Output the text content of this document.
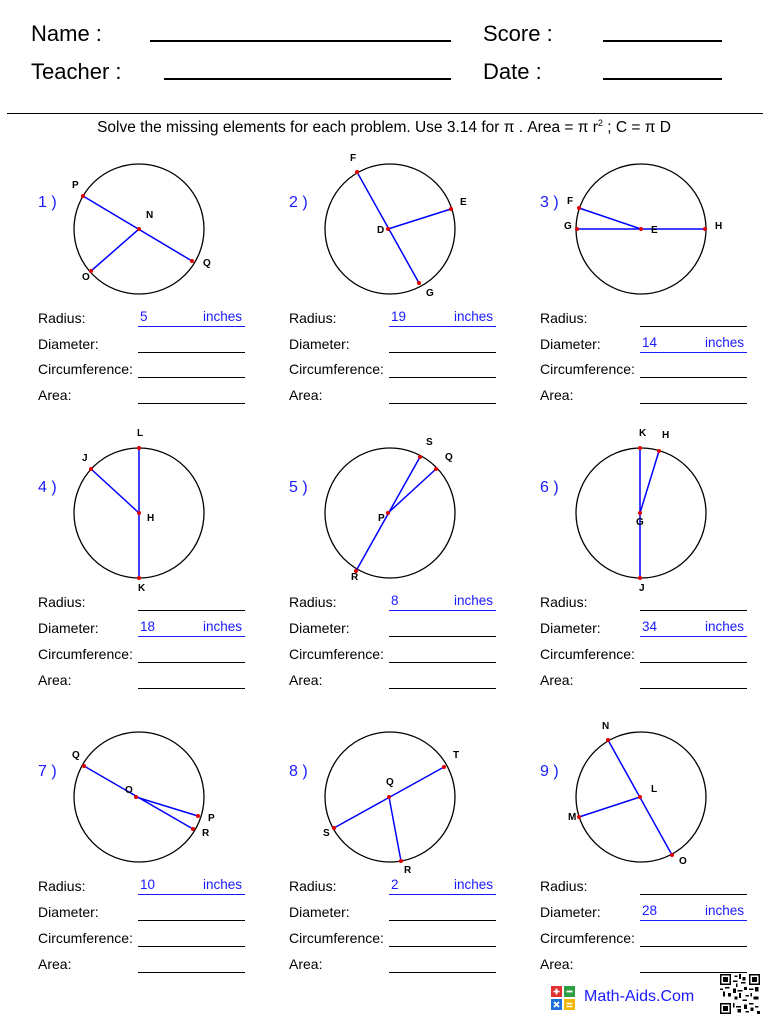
Name :
Teacher :
Score :
Date :
Solve the missing elements for each problem. Use 3.14 for π . Area = π $r^2$ ; C = π D
1 )	2 )	3 )
4 )	5 )	6 )
7 )	8 )	9 )
P
N
O
Q
F
E
D
G
F
G	E	H
L
J
H
K
S
Q
P
R
K H
G
J
Q
O
P
R
T
Q
S
R
N
L
M
O
Radius:	5	inches
Diameter:
Circumference:
Area:
Radius:	19	inches
Diameter:
Circumference:
Area:
Radius:
Diameter:	14	inches
Circumference:
Area:
Radius:
Diameter:	18	inches
Circumference:
Area:
Radius:	8	inches
Diameter:
Circumference:
Area:
Radius:
Diameter:	34	inches
Circumference:
Area:
Radius:	10	inches
Diameter:
Circumference:
Area:
Radius:	2	inches
Diameter:
Circumference:
Area:
Radius:
Diameter:	28	inches
Circumference:
Area:
Math-Aids.Com
